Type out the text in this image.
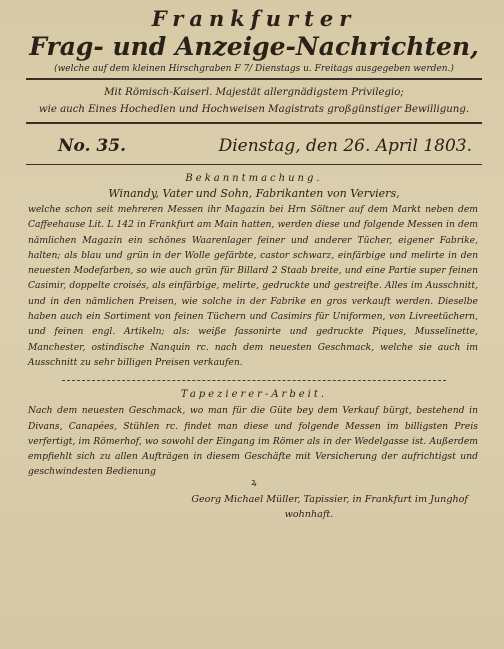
Frankfurter
Frag- und Anzeige-Nachrichten,
(welche auf dem kleinen Hirschgraben F 7/ Dienstags u. Freitags ausgegeben werden.)
Mit Römisch-Kaiserl. Majestät allergnädigstem Privilegio;
wie auch Eines Hochedlen und Hochweisen Magistrats großgünstiger Bewilligung.
No. 35.	Dienstag, den 26. April 1803.
Bekanntmachung.
Winandy, Vater und Sohn, Fabrikanten von Verviers,

welche schon seit mehreren Messen ihr Magazin bei Hrn Söltner auf dem Markt neben dem Caffeehause Lit. L 142 in Frankfurt am Main hatten, werden diese und folgende Messen in dem nämlichen Magazin ein schönes Waarenlager feiner und anderer Tücher, eigener Fabrike, halten; als blau und grün in der Wolle gefärbte, castor schwarz, einfärbige und melirte in den neuesten Modefarben, so wie auch grün für Billard 2 Staab breite, und eine Partie super feinen Casimir, doppelte croisés, als einfärbige, melirte, gedruckte und gestreifte. Alles im Ausschnitt, und in den nämlichen Preisen, wie solche in der Fabrike en gros verkauft werden. Dieselbe haben auch ein Sortiment von feinen Tüchern und Casimirs für Uniformen, von Livreetüchern, und feinen engl. Artikeln; als: weiße fassonirte und gedruckte Piques, Musselinette, Manchester, ostindische Nanquin rc. nach dem neuesten Geschmack, welche sie auch im Ausschnitt zu sehr billigen Preisen verkaufen.

Tapezierer-Arbeit.

Nach dem neuesten Geschmack, wo man für die Güte bey dem Verkauf bürgt, bestehend in Divans, Canapées, Stühlen rc. findet man diese und folgende Messen im billigsten Preis verfertigt, im Römerhof, wo sowohl der Eingang im Römer als in der Wedelgasse ist. Außerdem empfiehlt sich zu allen Aufträgen in diesem Geschäfte mit Versicherung der aufrichtigst und geschwindesten Bedienung

ꝝ
Georg Michael Müller, Tapissier, in Frankfurt im Junghof
wohnhaft.
